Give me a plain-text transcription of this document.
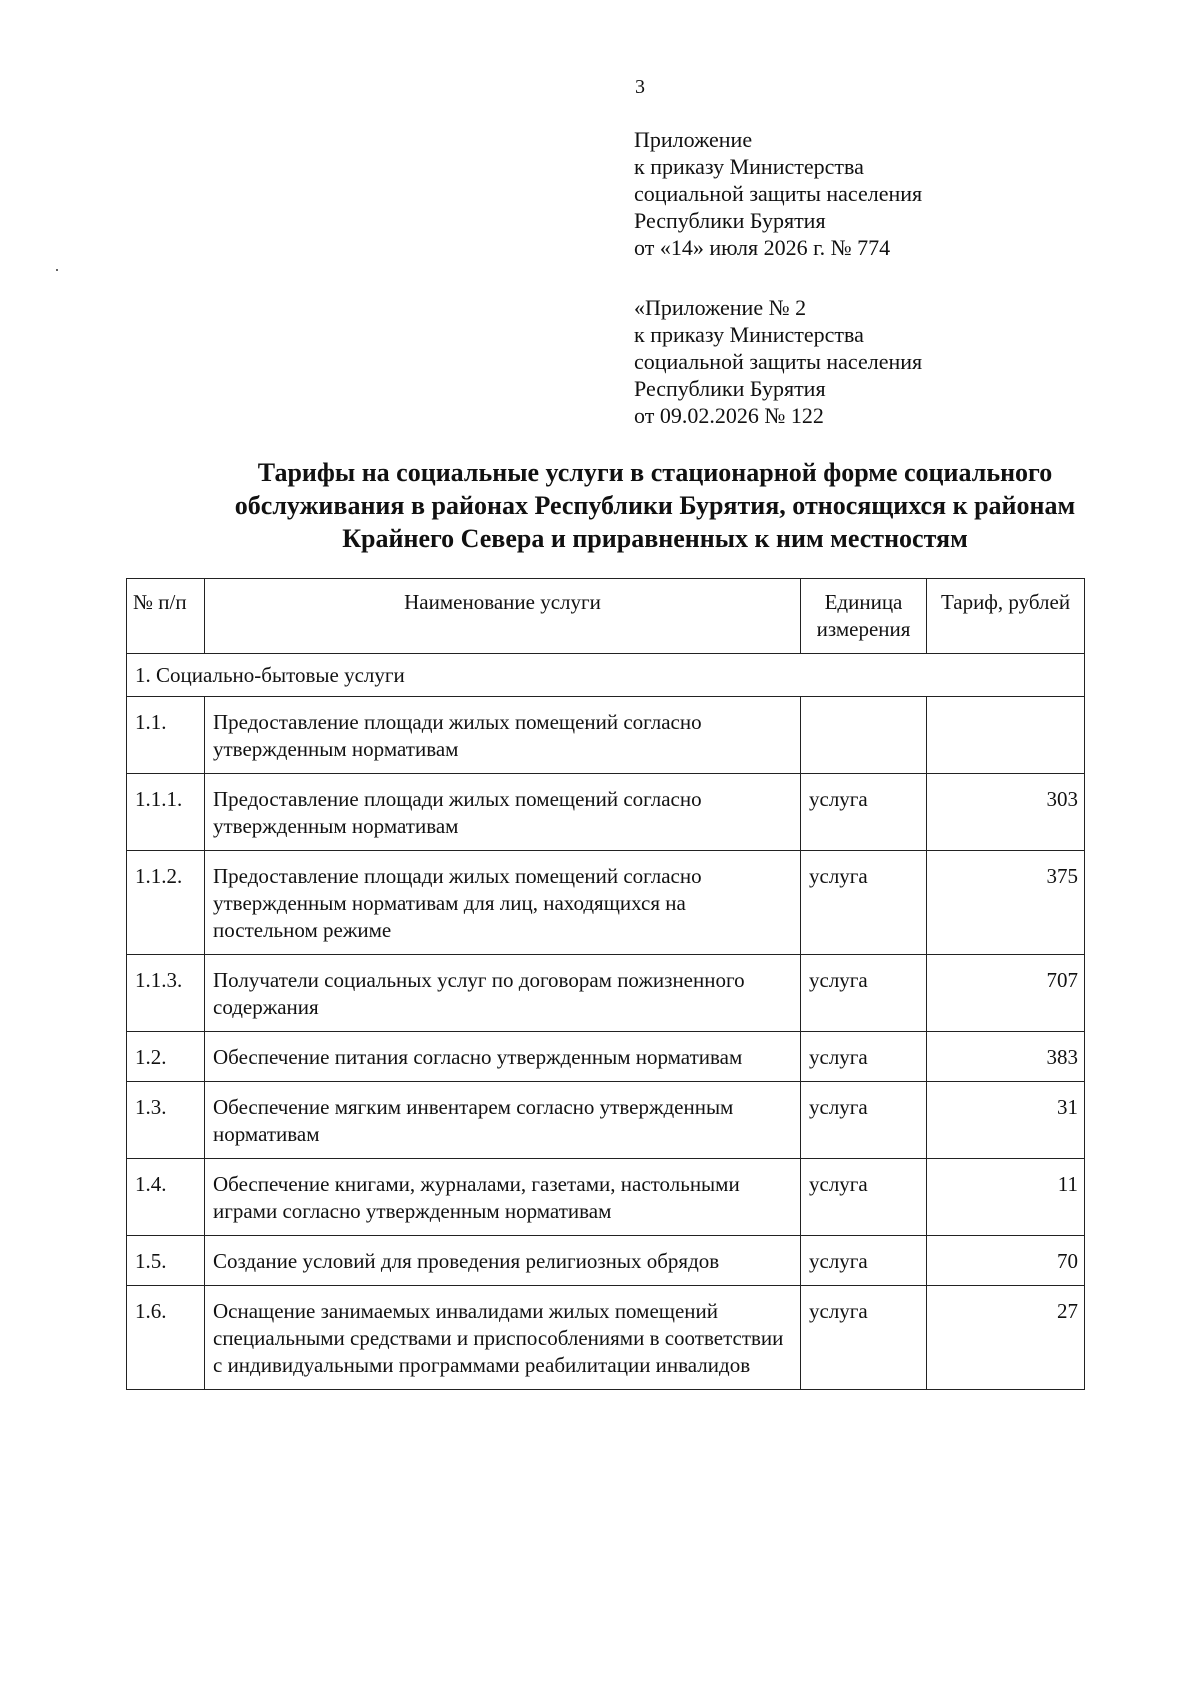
3
Приложение
к приказу Министерства
социальной защиты населения
Республики Бурятия
от «14» июля 2026 г. № 774
«Приложение № 2
к приказу Министерства
социальной защиты населения
Республики Бурятия
от 09.02.2026 № 122
Тарифы на социальные услуги в стационарной форме социального
обслуживания в районах Республики Бурятия, относящихся к районам
Крайнего Севера и приравненных к ним местностям
№ п/п	Наименование услуги	Единица измерения	Тариф, рублей
1. Социально-бытовые услуги			
1.1.	Предоставление площади жилых помещений согласно утвержденным нормативам		
1.1.1.	Предоставление площади жилых помещений согласно утвержденным нормативам	услуга	303
1.1.2.	Предоставление площади жилых помещений согласно утвержденным нормативам для лиц, находящихся на постельном режиме	услуга	375
1.1.3.	Получатели социальных услуг по договорам пожизненного содержания	услуга	707
1.2.	Обеспечение питания согласно утвержденным нормативам	услуга	383
1.3.	Обеспечение мягким инвентарем согласно утвержденным нормативам	услуга	31
1.4.	Обеспечение книгами, журналами, газетами, настольными играми согласно утвержденным нормативам	услуга	11
1.5.	Создание условий для проведения религиозных обрядов	услуга	70
1.6.	Оснащение занимаемых инвалидами жилых помещений специальными средствами и приспособлениями в соответствии с индивидуальными программами реабилитации инвалидов	услуга	27
